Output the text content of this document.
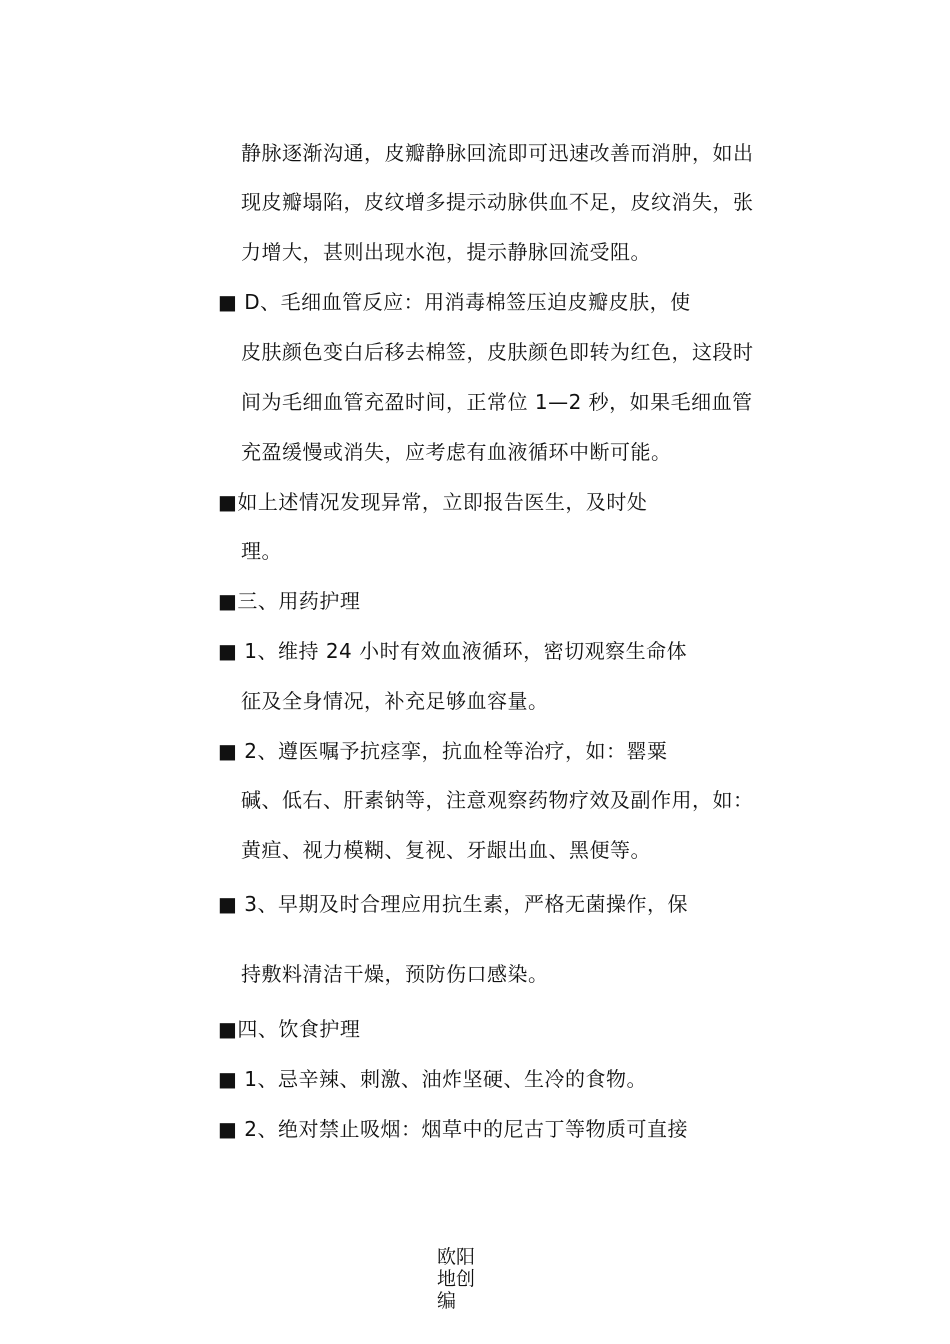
静脉逐渐沟通，皮瓣静脉回流即可迅速改善而消肿，如出
现皮瓣塌陷，皮纹增多提示动脉供血不足，皮纹消失，张
力增大，甚则出现水泡，提示静脉回流受阻。
■ D、毛细血管反应：用消毒棉签压迫皮瓣皮肤，使
皮肤颜色变白后移去棉签，皮肤颜色即转为红色，这段时
间为毛细血管充盈时间，正常位 1—2 秒，如果毛细血管
充盈缓慢或消失，应考虑有血液循环中断可能。
■如上述情况发现异常，立即报告医生，及时处
理。
■三、用药护理
■ 1、维持 24 小时有效血液循环，密切观察生命体
征及全身情况，补充足够血容量。
■ 2、遵医嘱予抗痉挛，抗血栓等治疗，如：罂粟
碱、低右、肝素钠等，注意观察药物疗效及副作用，如：
黄疸、视力模糊、复视、牙龈出血、黑便等。
■ 3、早期及时合理应用抗生素，严格无菌操作，保
持敷料清洁干燥，预防伤口感染。
■四、饮食护理
■ 1、忌辛辣、刺激、油炸坚硬、生冷的食物。
■ 2、绝对禁止吸烟：烟草中的尼古丁等物质可直接
欧阳地创编
